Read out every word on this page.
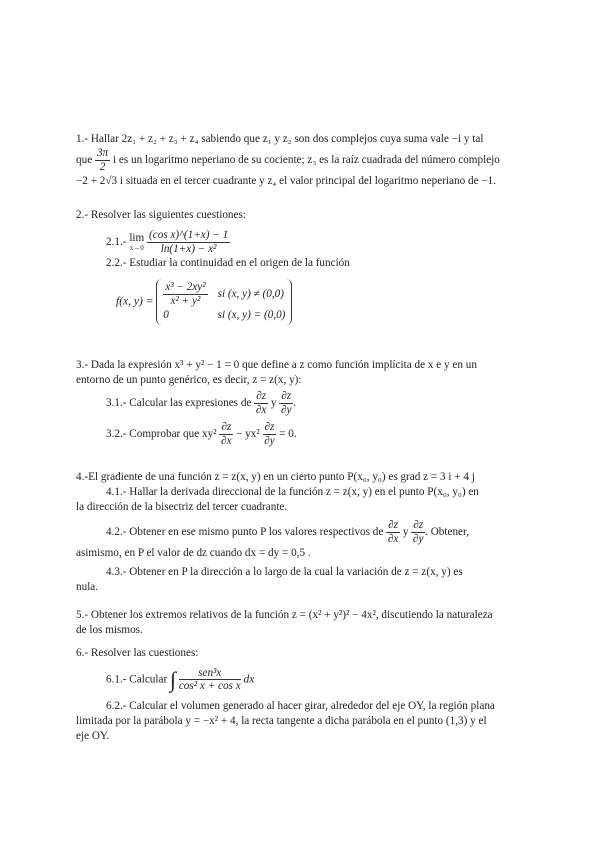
1.- Hallar 2z₁ + z₂ + z₃ + z₄ sabiendo que z₁ y z₂ son dos complejos cuya suma vale −i y tal

que $\frac{3\pi}{2}$ i es un logaritmo neperiano de su cociente; z₃ es la raíz cuadrada del número complejo

−2 + 2√3 i situada en el tercer cuadrante y z₄ el valor principal del logaritmo neperiano de −1.

2.- Resolver las siguientes cuestiones:

2.1.- lim
x→0
$\frac{\text{(cos x)\textasciicircum{}(1+x) − 1}}{\text{ln(1+x) − x²}}$

2.2.- Estudiar la continuidad en el origen de la función

f(x, $y) = \frac{\text{x³ − 2xy²}}{\text{x² + y²}}$ si (x, y) ≠ (0,0)
0	si (x, y) = (0,0)

3.- Dada la expresión x³ + y² − 1 = 0 que define a z como función implícita de x e y en un

entorno de un punto genérico, es decir, z = z(x, y):

3.1.- Calcular las expresiones de $\frac{\partial z}{\partial x}$ y $\frac{\partial z}{\partial y}$ .

3.2.- Comprobar que $xy^2 \frac{\partial z}{\partial x} - yx^2 \frac{\partial z}{\partial y} = 0$.

4.-El gradiente de una función z = z(x, y) en un cierto punto P(x₀, y₀) es grad z = 3 i + 4 j

4.1.- Hallar la derivada direccional de la función z = z(x, y) en el punto P(x₀, y₀) en

la dirección de la bisectriz del tercer cuadrante.

4.2.- Obtener en ese mismo punto P los valores respectivos de $\frac{\partial z}{\partial x}$ y $\frac{\partial z}{\partial y}$ . Obtener,

asimismo, en P el valor de dz cuando dx = dy = 0,5 .

4.3.- Obtener en P la dirección a lo largo de la cual la variación de z = z(x, y) es

nula.

5.- Obtener los extremos relativos de la función z = (x² + y²)² − 4x², discutiendo la naturaleza

de los mismos.

6.- Resolver las cuestiones:

6.1.- Calcular ∫ $\frac{\text{sen³x}}{\text{cos² x + cos x}}$ dx

6.2.- Calcular el volumen generado al hacer girar, alrededor del eje OY, la región plana

limitada por la parábola y = −x² + 4, la recta tangente a dicha parábola en el punto (1,3) y el

eje OY.
